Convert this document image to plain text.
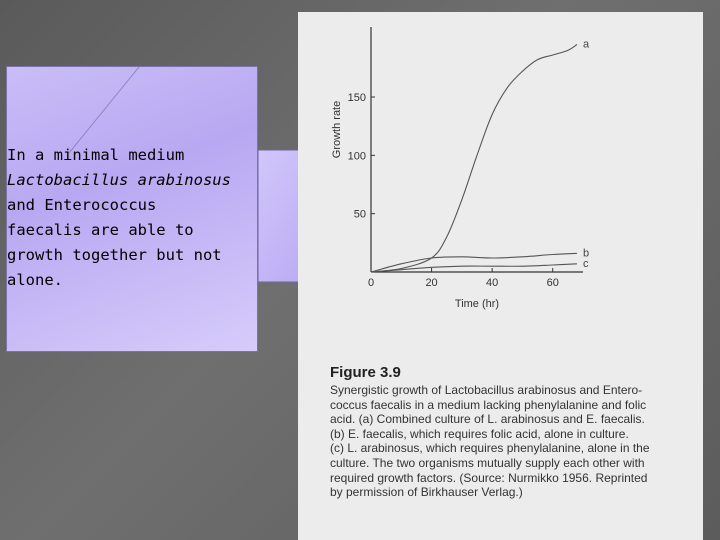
In a minimal medium
Lactobacillus arabinosus
and Enterococcus
faecalis are able to
growth together but not
alone.	0	20	40	60
50
100
150
a
b
c
Time (hr)
Growth rate
Figure 3.9
Synergistic growth of Lactobacillus arabinosus and Entero-
coccus faecalis in a medium lacking phenylalanine and folic
acid. (a) Combined culture of L. arabinosus and E. faecalis.
(b) E. faecalis, which requires folic acid, alone in culture.
(c) L. arabinosus, which requires phenylalanine, alone in the
culture. The two organisms mutually supply each other with
required growth factors. (Source: Nurmikko 1956. Reprinted
by permission of Birkhauser Verlag.)
